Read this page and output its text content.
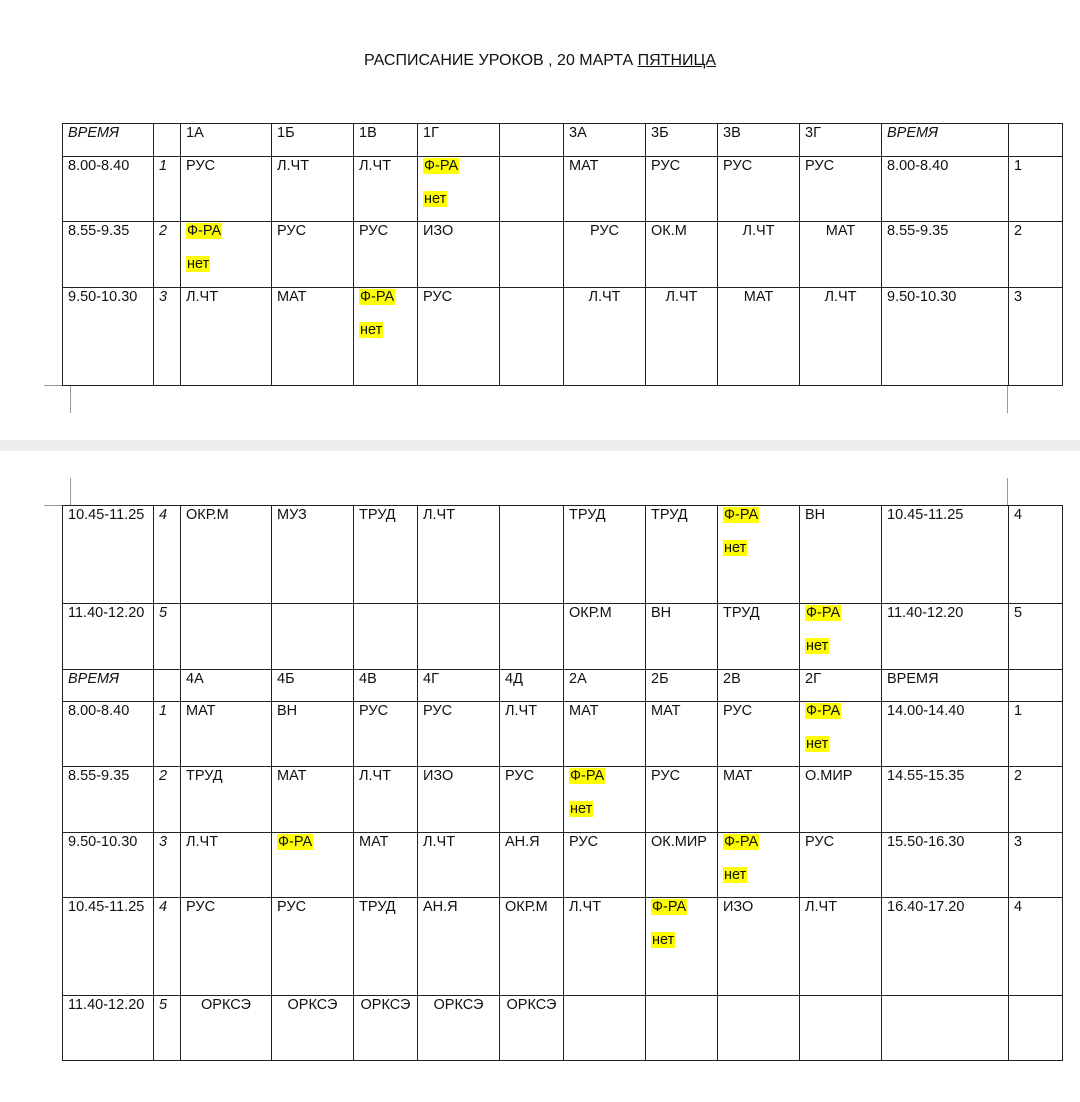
РАСПИСАНИЕ УРОКОВ , 20 МАРТА ПЯТНИЦА
ВРЕМЯ		1А	1Б	1В	1Г		3А	3Б	3В	3Г	ВРЕМЯ	

8.00-8.40	1	РУС	Л.ЧТ	Л.ЧТ	Ф-РА
нет		МАТ	РУС	РУС	РУС	8.00-8.40	1

8.55-9.35	2	Ф-РА
нет	РУС	РУС	ИЗО		РУС	ОК.М	Л.ЧТ	МАТ	8.55-9.35	2

9.50-10.30	3	Л.ЧТ	МАТ	Ф-РА
нет	РУС		Л.ЧТ	Л.ЧТ	МАТ	Л.ЧТ	9.50-10.30	3
10.45-11.25	4	ОКР.М	МУЗ	ТРУД	Л.ЧТ		ТРУД	ТРУД	Ф-РА
нет	ВН	10.45-11.25	4

11.40-12.20	5						ОКР.М	ВН	ТРУД	Ф-РА
нет	11.40-12.20	5

ВРЕМЯ		4А	4Б	4В	4Г	4Д	2А	2Б	2В	2Г	ВРЕМЯ	

8.00-8.40	1	МАТ	ВН	РУС	РУС	Л.ЧТ	МАТ	МАТ	РУС	Ф-РА
нет	14.00-14.40	1

8.55-9.35	2	ТРУД	МАТ	Л.ЧТ	ИЗО	РУС	Ф-РА
нет	РУС	МАТ	О.МИР	14.55-15.35	2

9.50-10.30	3	Л.ЧТ	Ф-РА	МАТ	Л.ЧТ	АН.Я	РУС	ОК.МИР	Ф-РА
нет	РУС	15.50-16.30	3

10.45-11.25	4	РУС	РУС	ТРУД	АН.Я	ОКР.М	Л.ЧТ	Ф-РА
нет	ИЗО	Л.ЧТ	16.40-17.20	4

11.40-12.20	5	ОРКСЭ	ОРКСЭ	ОРКСЭ	ОРКСЭ	ОРКСЭ						
